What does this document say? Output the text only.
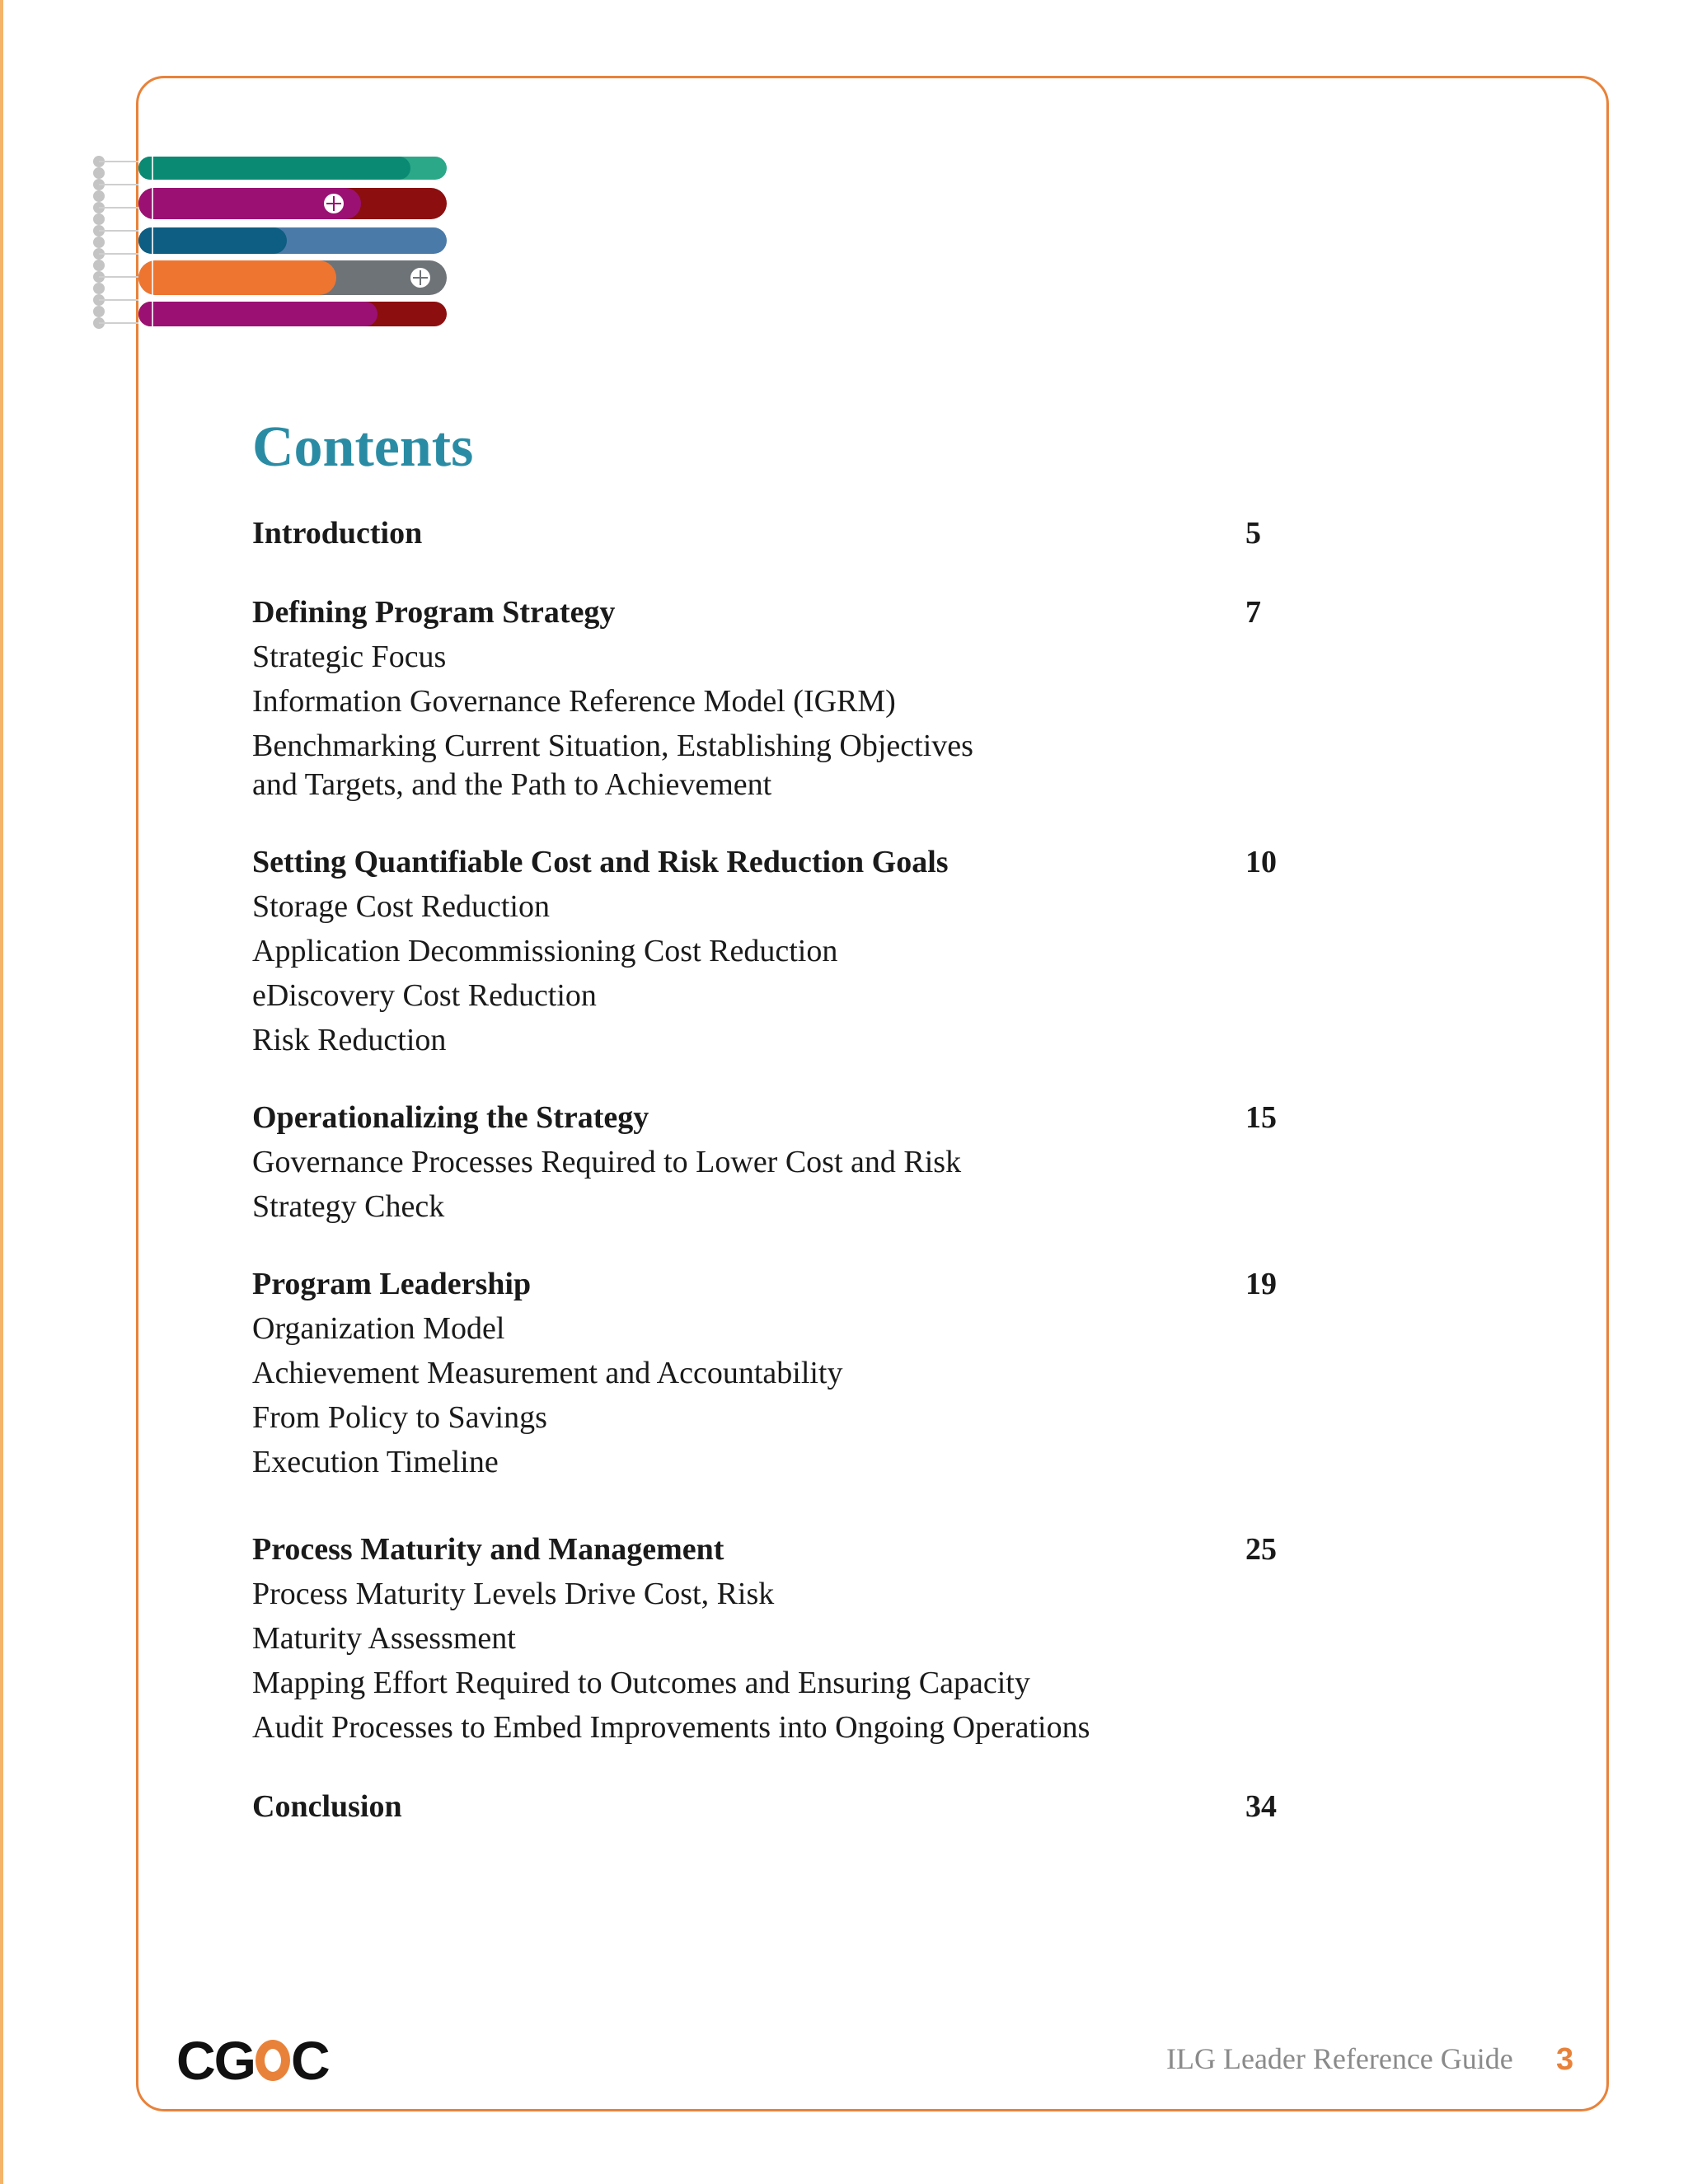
Contents
Introduction	5
Defining Program Strategy	7
Strategic Focus
Information Governance Reference Model (IGRM)
Benchmarking Current Situation, Establishing Objectives
and Targets, and the Path to Achievement
Setting Quantifiable Cost and Risk Reduction Goals	10
Storage Cost Reduction
Application Decommissioning Cost Reduction
eDiscovery Cost Reduction
Risk Reduction
Operationalizing the Strategy	15
Governance Processes Required to Lower Cost and Risk
Strategy Check
Program Leadership	19
Organization Model
Achievement Measurement and Accountability
From Policy to Savings
Execution Timeline
Process Maturity and Management	25
Process Maturity Levels Drive Cost, Risk
Maturity Assessment
Mapping Effort Required to Outcomes and Ensuring Capacity
Audit Processes to Embed Improvements into Ongoing Operations
Conclusion	34
CG C	ILG Leader Reference Guide 3
